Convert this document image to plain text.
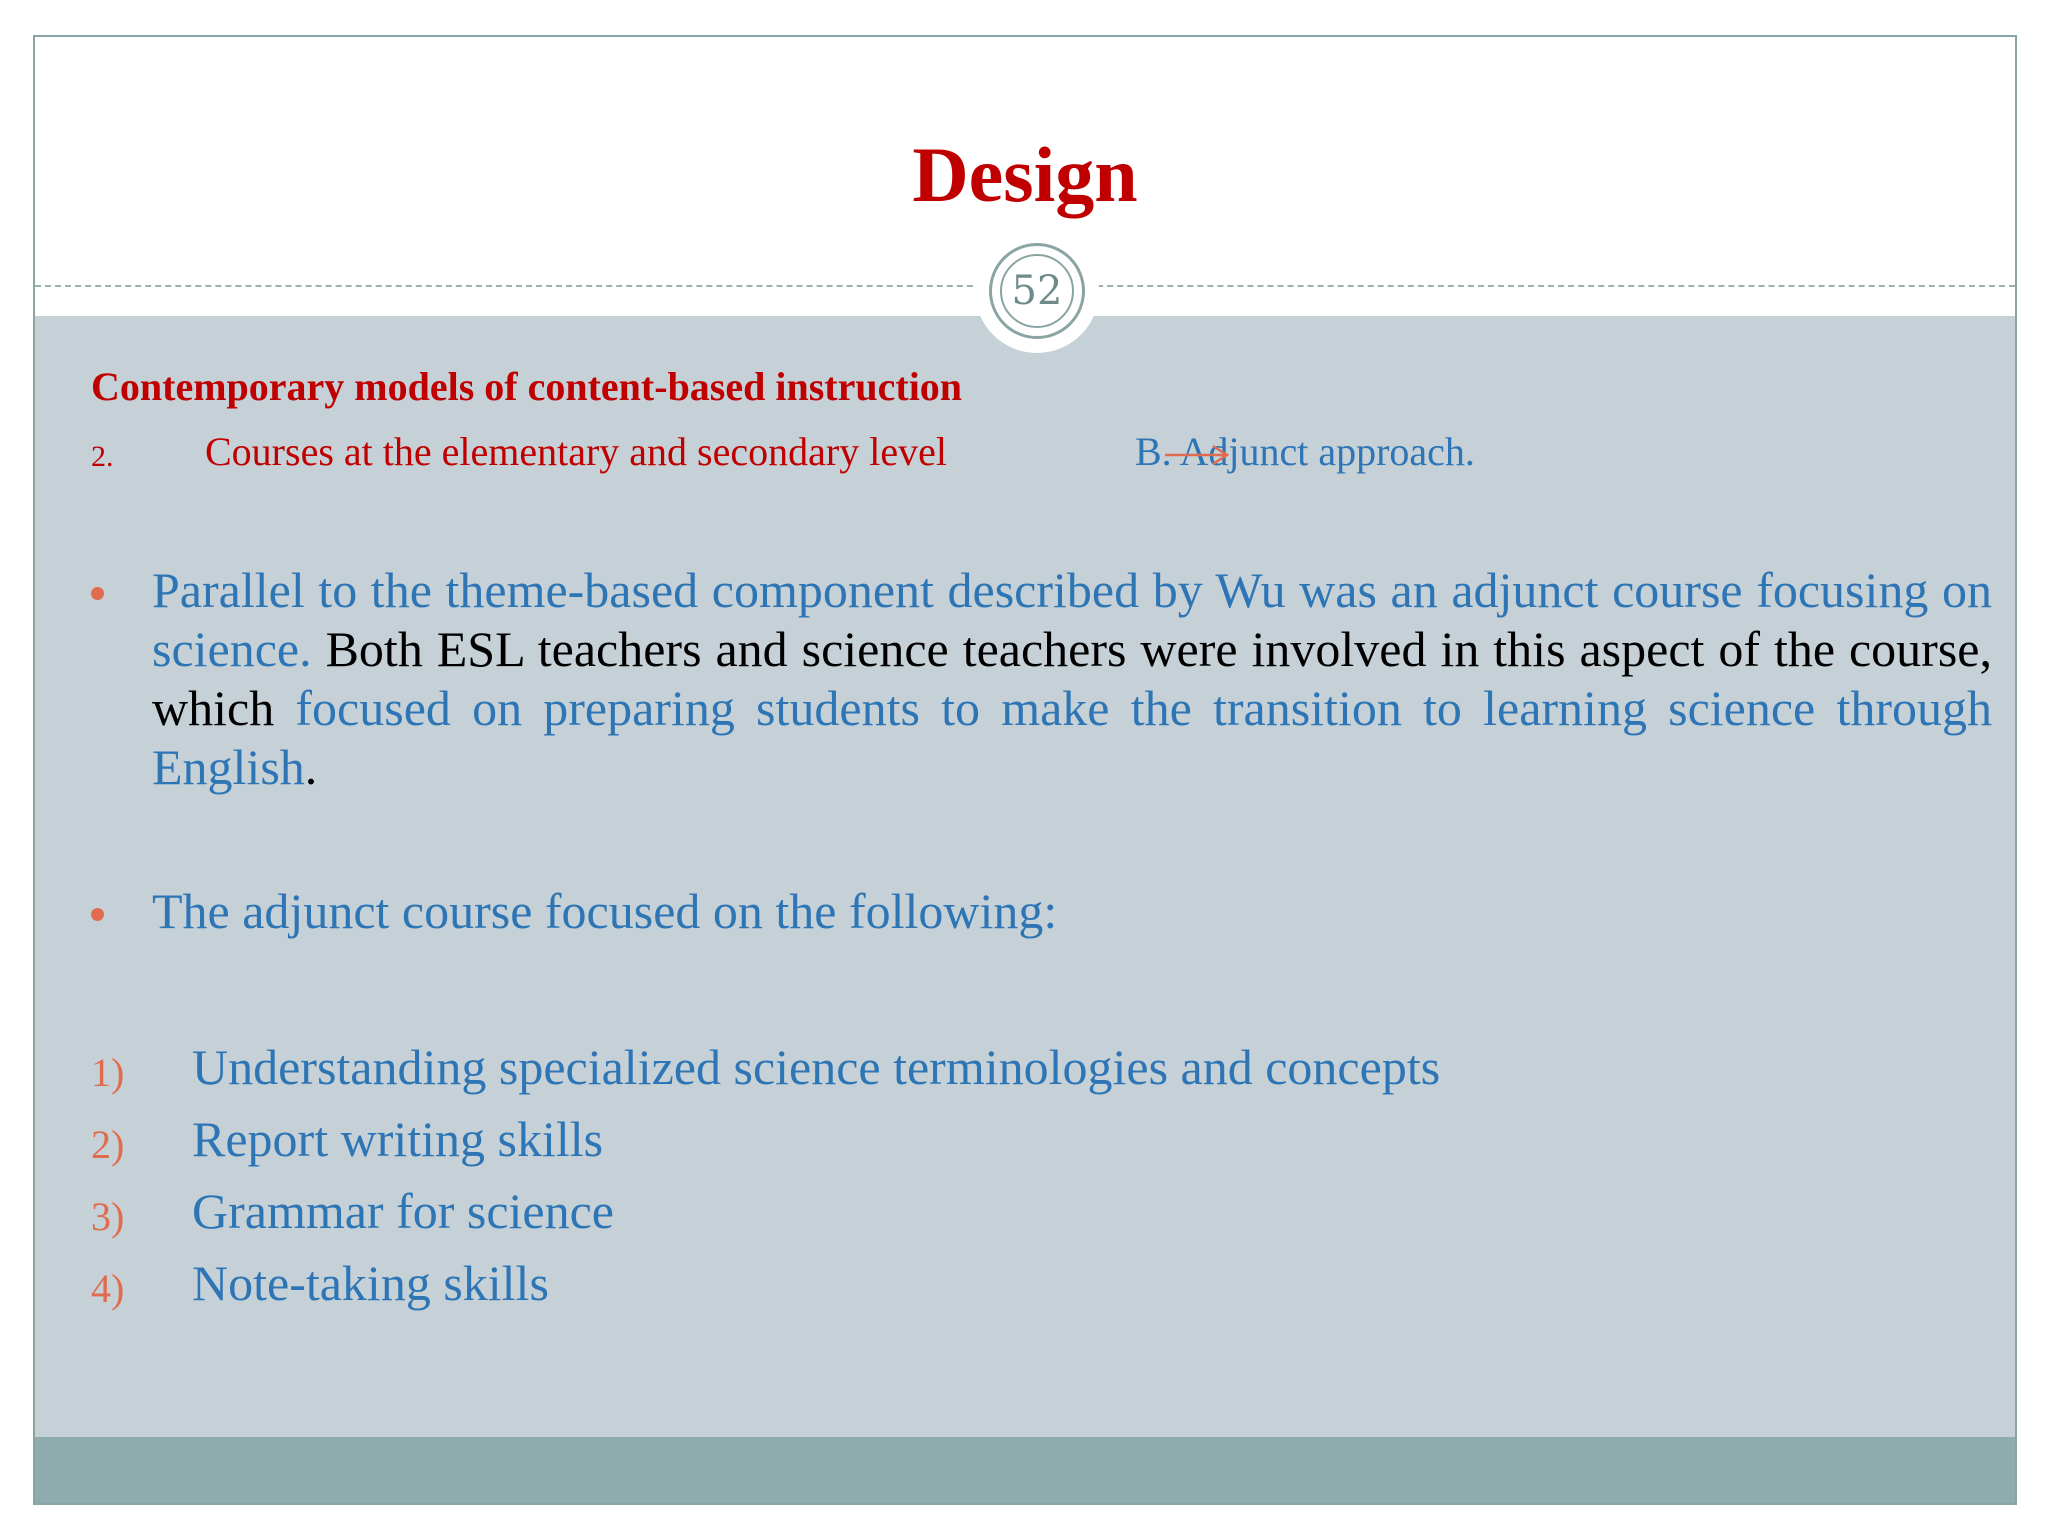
Design
52
Contemporary models of content-based instruction
2. Courses at the elementary and secondary level	B. Adjunct approach.
Parallel to the theme-based component described by Wu was an adjunct course focusing on science. Both ESL teachers and science teachers were involved in this aspect of the course, which focused on preparing students to make the transition to learning science through English.
The adjunct course focused on the following:
1) Understanding specialized science terminologies and concepts
2) Report writing skills
3) Grammar for science
4) Note-taking skills
